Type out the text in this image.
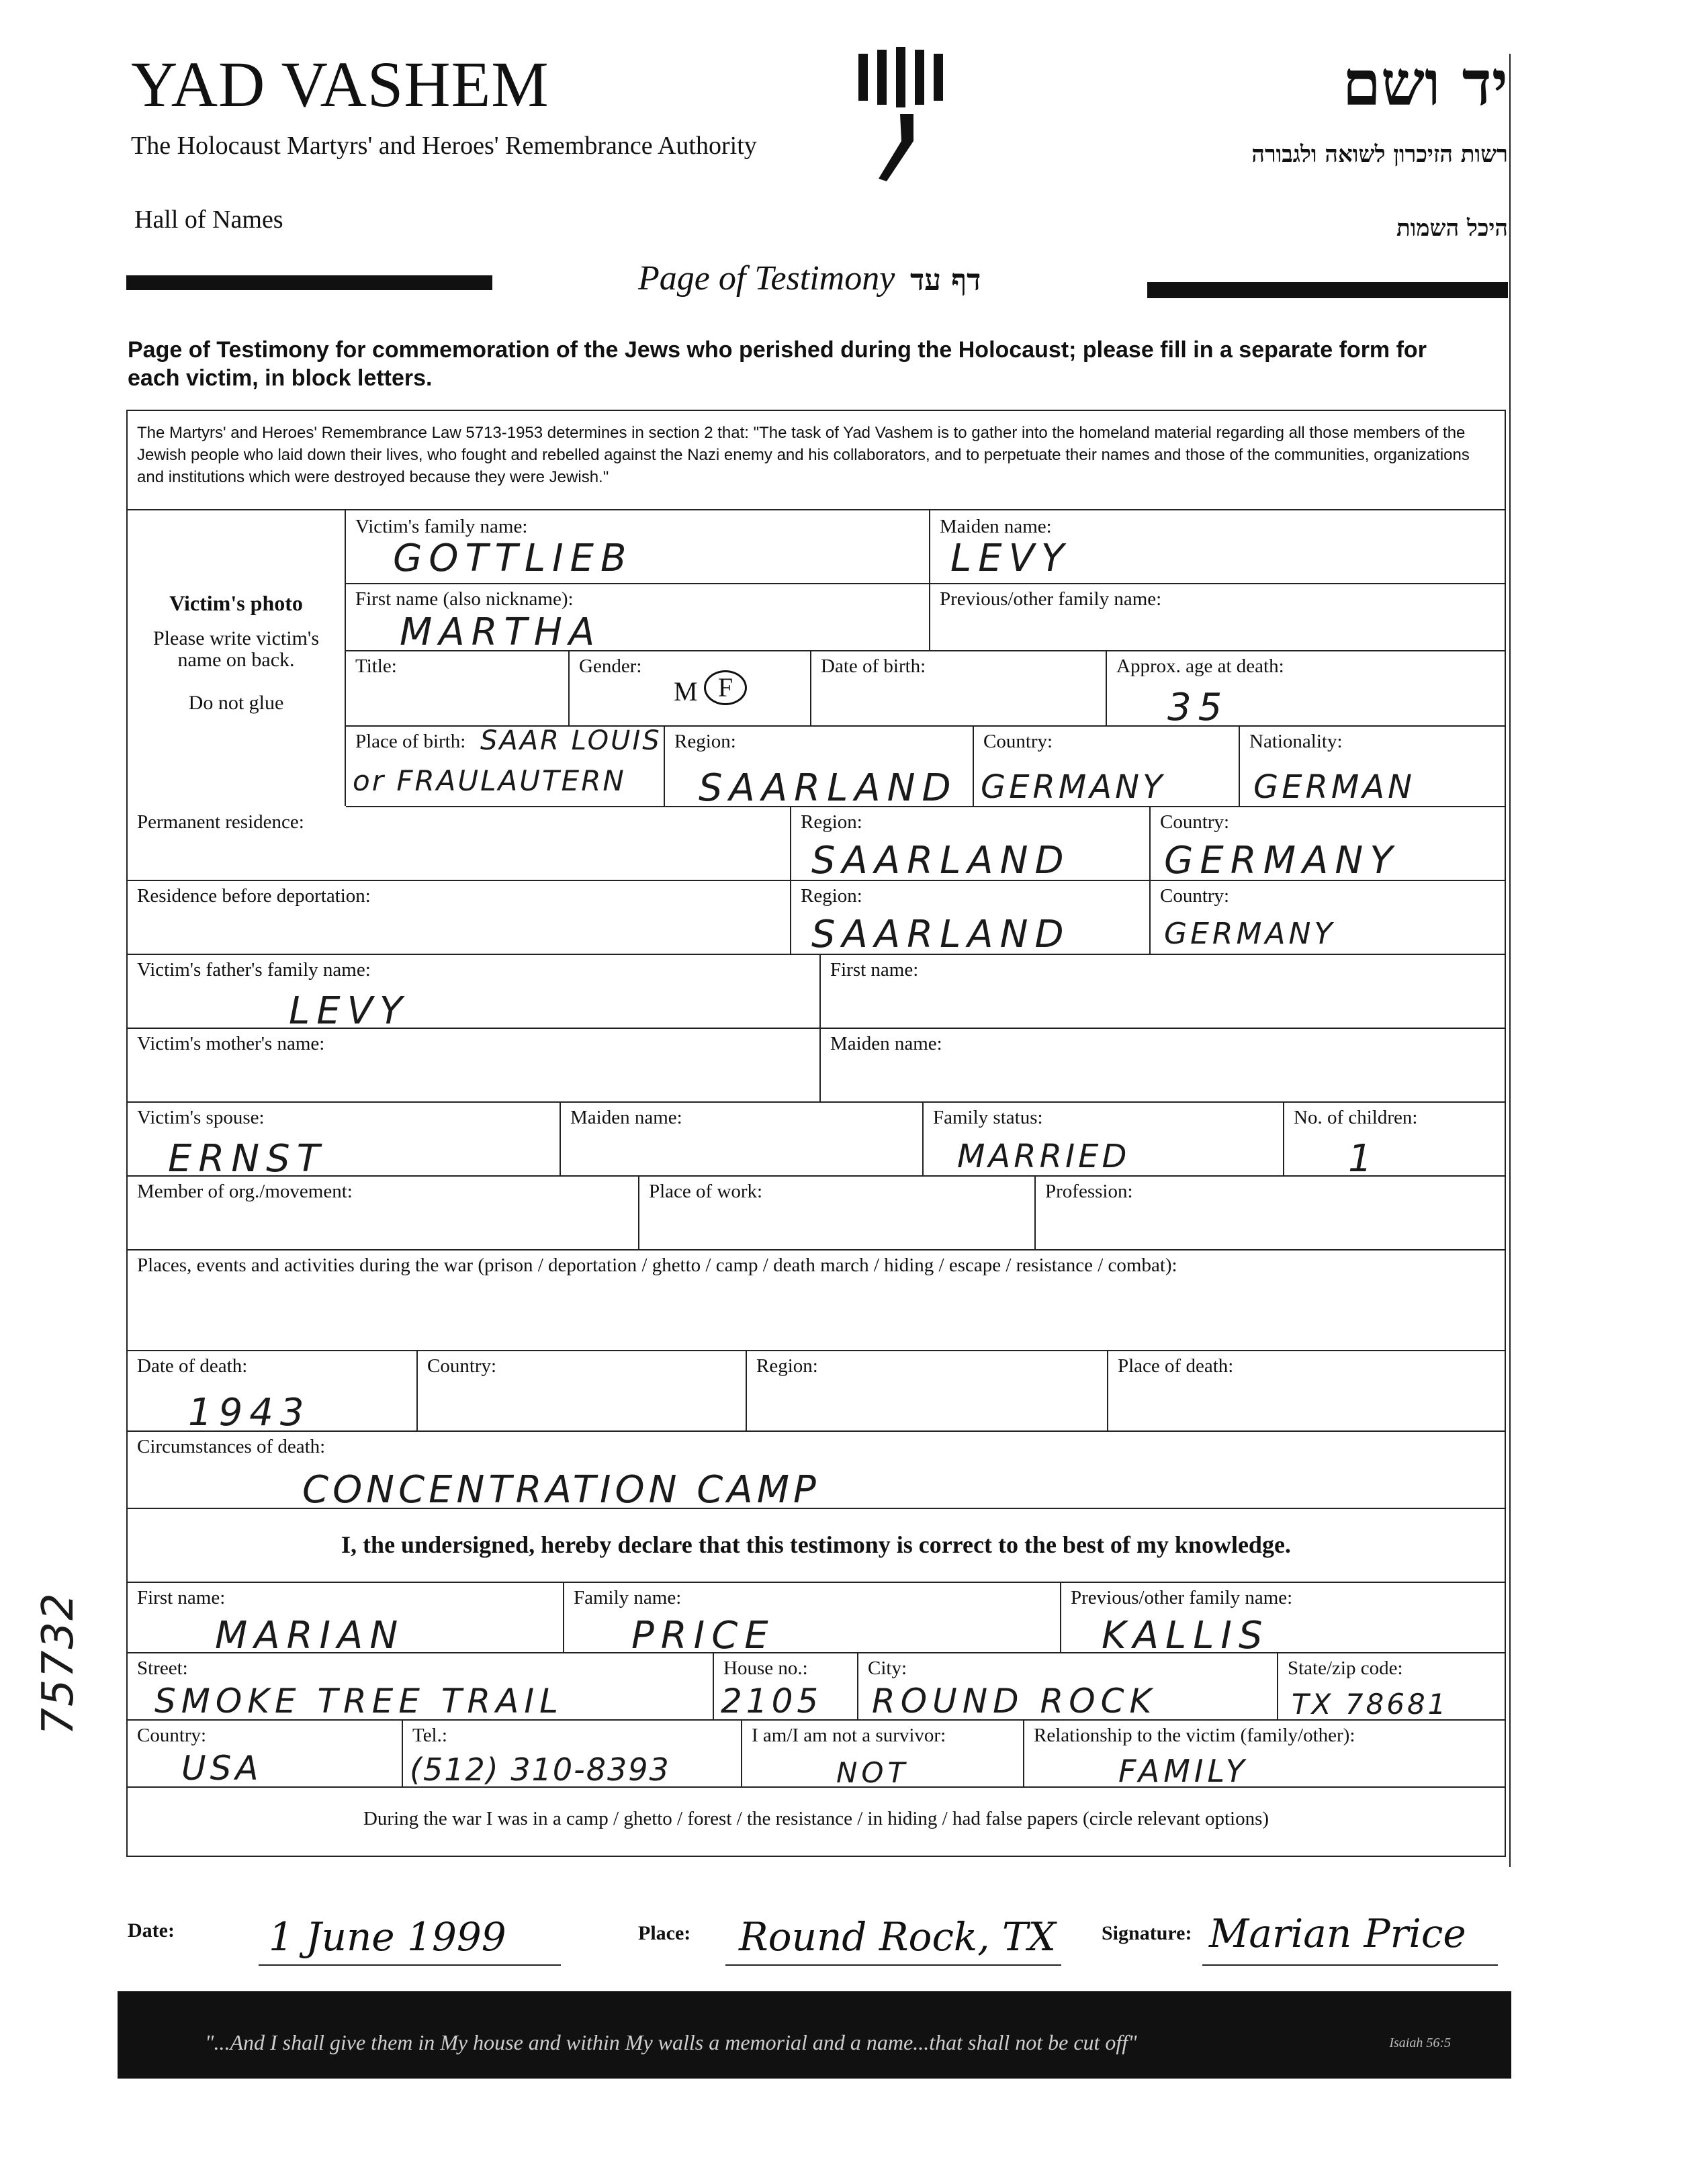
YAD VASHEM
The Holocaust Martyrs' and Heroes' Remembrance Authority
Hall of Names
יד ושם
רשות הזיכרון לשואה ולגבורה
היכל השמות
Page of Testimony דף עד
Page of Testimony for commemoration of the Jews who perished during the Holocaust; please fill in a separate form for each victim, in block letters.
The Martyrs' and Heroes' Remembrance Law 5713-1953 determines in section 2 that: "The task of Yad Vashem is to gather into the homeland material regarding all those members of the Jewish people who laid down their lives, who fought and rebelled against the Nazi enemy and his collaborators, and to perpetuate their names and those of the communities, organizations and institutions which were destroyed because they were Jewish."
Victim's photo
Please write victim's name on back.
Do not glue
Victim's family name:
GOTTLIEB
Maiden name:
LEVY
First name (also nickname):
MARTHA
Previous/other family name:
Title:	Gender:
M F
Date of birth:	Approx. age at death:
35
Place of birth: SAAR LOUIS
or FRAULAUTERN
Region:
SAARLAND
Country:
GERMANY
Nationality:
GERMAN
Permanent residence:	Region:
SAARLAND
Country:
GERMANY
Residence before deportation:	Region:
SAARLAND
Country:
GERMANY
Victim's father's family name:
LEVY
First name:
Victim's mother's name:	Maiden name:
Victim's spouse:
ERNST
Maiden name:	Family status:
MARRIED
No. of children:
1
Member of org./movement:	Place of work:	Profession:
Places, events and activities during the war (prison / deportation / ghetto / camp / death march / hiding / escape / resistance / combat):
Date of death:
1943
Country:	Region:	Place of death:
Circumstances of death:
CONCENTRATION CAMP
I, the undersigned, hereby declare that this testimony is correct to the best of my knowledge.
First name:
MARIAN
Family name:
PRICE
Previous/other family name:
KALLIS
Street:
SMOKE TREE TRAIL
House no.:
2105
City:
ROUND ROCK
State/zip code:
TX 78681
Country:
USA
Tel.:
(512) 310-8393
I am/I am not a survivor:
NOT
Relationship to the victim (family/other):
FAMILY
During the war I was in a camp / ghetto / forest / the resistance / in hiding / had false papers (circle relevant options)
75732
Date: 1 June 1999	Place: Round Rock, TX Signature: Marian Price
"...And I shall give them in My house and within My walls a memorial and a name...that shall not be cut off"	Isaiah 56:5
